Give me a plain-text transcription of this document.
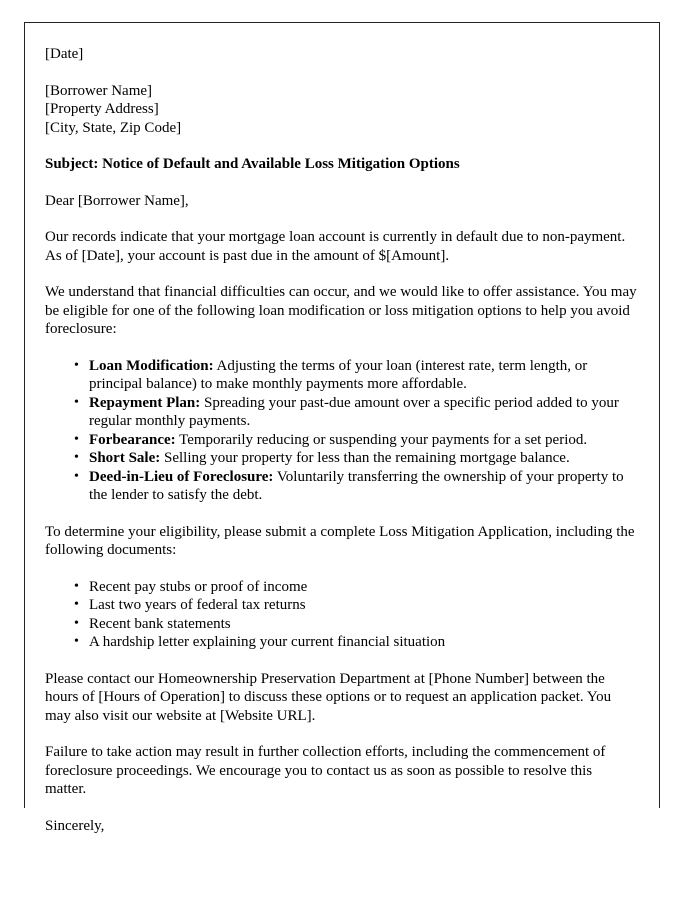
[Date]

[Borrower Name]

[Property Address]

[City, State, Zip Code]

Subject: Notice of Default and Available Loss Mitigation Options

Dear [Borrower Name],

Our records indicate that your mortgage loan account is currently in default due to non-payment. As of [Date], your account is past due in the amount of $[Amount].

We understand that financial difficulties can occur, and we would like to offer assistance. You may be eligible for one of the following loan modification or loss mitigation options to help you avoid foreclosure:

• Loan Modification: Adjusting the terms of your loan (interest rate, term length, or principal balance) to make monthly payments more affordable.
• Repayment Plan: Spreading your past-due amount over a specific period added to your regular monthly payments.
• Forbearance: Temporarily reducing or suspending your payments for a set period.
• Short Sale: Selling your property for less than the remaining mortgage balance.
• Deed-in-Lieu of Foreclosure: Voluntarily transferring the ownership of your property to the lender to satisfy the debt.

To determine your eligibility, please submit a complete Loss Mitigation Application, including the following documents:

• Recent pay stubs or proof of income
• Last two years of federal tax returns
• Recent bank statements
• A hardship letter explaining your current financial situation

Please contact our Homeownership Preservation Department at [Phone Number] between the hours of [Hours of Operation] to discuss these options or to request an application packet. You may also visit our website at [Website URL].

Failure to take action may result in further collection efforts, including the commencement of foreclosure proceedings. We encourage you to contact us as soon as possible to resolve this matter.

Sincerely,
